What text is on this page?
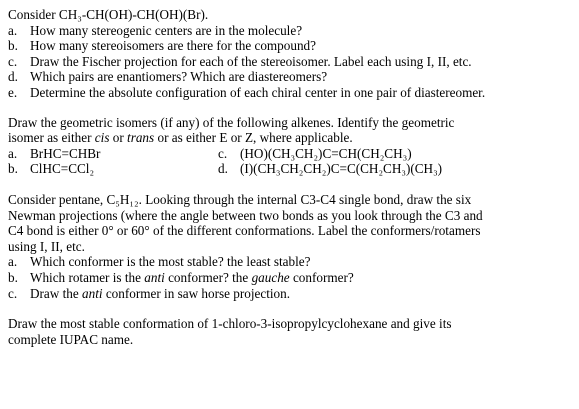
Consider CH₃-CH(OH)-CH(OH)(Br).
a. How many stereogenic centers are in the molecule?
b. How many stereoisomers are there for the compound?
c. Draw the Fischer projection for each of the stereoisomer. Label each using I, II, etc.
d. Which pairs are enantiomers? Which are diastereomers?
e. Determine the absolute configuration of each chiral center in one pair of diastereomer.
Draw the geometric isomers (if any) of the following alkenes. Identify the geometric
isomer as either cis or trans or as either E or Z, where applicable.
a. BrHC=CHBr	c. (HO)(CH₃CH₂)C=CH(CH₂CH₃)
b. ClHC=CCl₂	d. (I)(CH₃CH₂CH₂)C=C(CH₂CH₃)(CH₃)
Consider pentane, C₅H₁₂. Looking through the internal C3-C4 single bond, draw the six
Newman projections (where the angle between two bonds as you look through the C3 and
C4 bond is either 0° or 60° of the different conformations. Label the conformers/rotamers
using I, II, etc.
a. Which conformer is the most stable? the least stable?
b. Which rotamer is the anti conformer? the gauche conformer?
c. Draw the anti conformer in saw horse projection.
Draw the most stable conformation of 1-chloro-3-isopropylcyclohexane and give its
complete IUPAC name.
